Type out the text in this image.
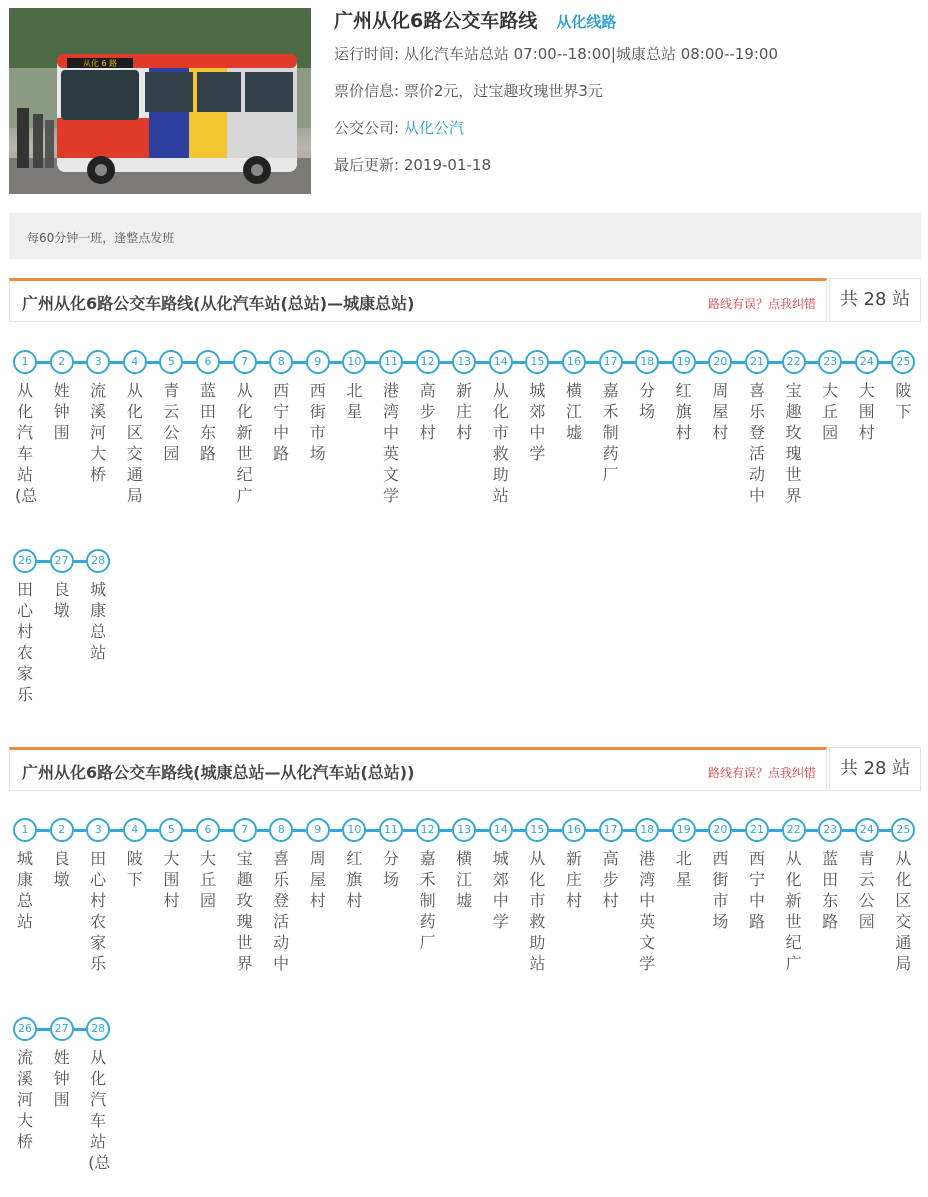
从化 6 路
广州从化6路公交车路线 从化线路
运行时间: 从化汽车站总站 07:00--18:00|城康总站 08:00--19:00
票价信息: 票价2元，过宝趣玫瑰世界3元
公交公司: 从化公汽
最后更新: 2019-01-18
每60分钟一班，逢整点发班
广州从化6路公交车路线(从化汽车站(总站)—城康总站)	路线有误？点我纠错	共 28 站
1
从化汽车站(总
2
姓钟围
3
流溪河大桥
4
从化区交通局
5
青云公园
6
蓝田东路
7
从化新世纪广
8
西宁中路
9
西街市场
10
北星
11
港湾中英文学
12
高步村
13
新庄村
14
从化市救助站
15
城郊中学
16
横江墟
17
嘉禾制药厂
18
分场
19
红旗村
20
周屋村
21
喜乐登活动中
22
宝趣玫瑰世界
23
大丘园
24
大围村
25
陂下
26
田心村农家乐
27
良墩
28
城康总站
广州从化6路公交车路线(城康总站—从化汽车站(总站))	路线有误？点我纠错	共 28 站
1
城康总站
2
良墩
3
田心村农家乐
4
陂下
5
大围村
6
大丘园
7
宝趣玫瑰世界
8
喜乐登活动中
9
周屋村
10
红旗村
11
分场
12
嘉禾制药厂
13
横江墟
14
城郊中学
15
从化市救助站
16
新庄村
17
高步村
18
港湾中英文学
19
北星
20
西街市场
21
西宁中路
22
从化新世纪广
23
蓝田东路
24
青云公园
25
从化区交通局
26
流溪河大桥
27
姓钟围
28
从化汽车站(总
